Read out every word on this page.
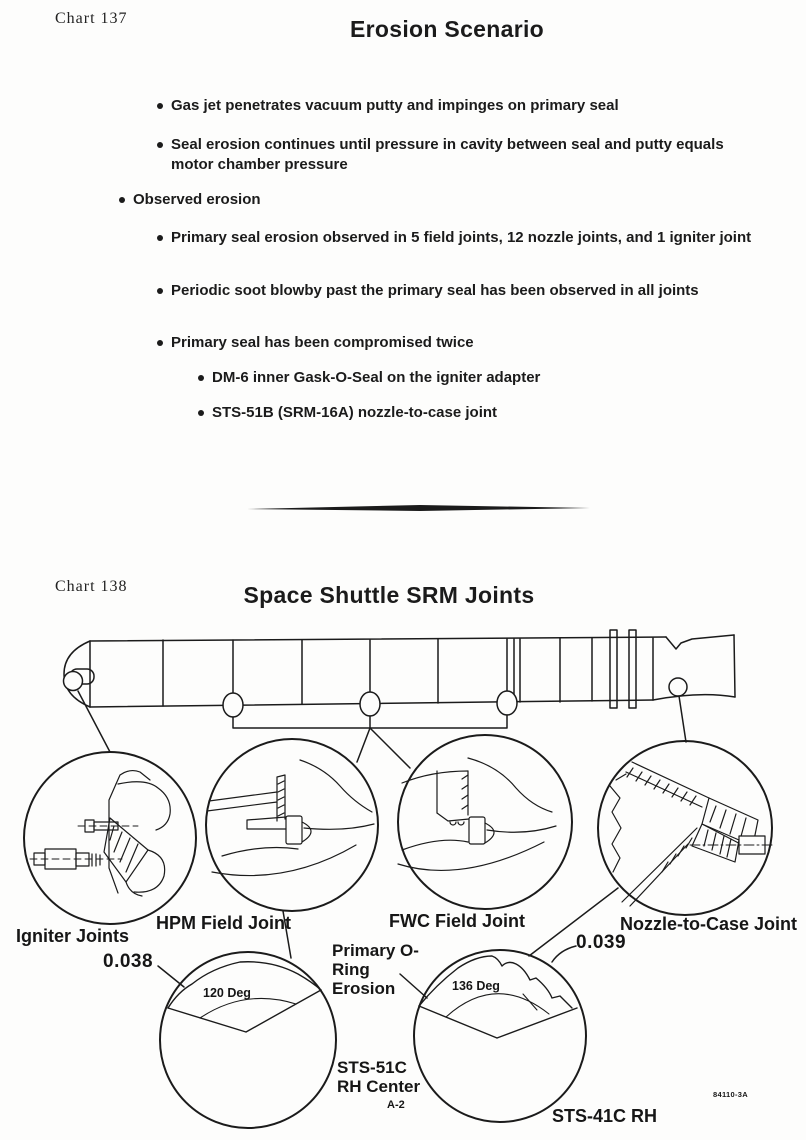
Chart 137	Erosion Scenario
Gas jet penetrates vacuum putty and impinges on primary seal
Seal erosion continues until pressure in cavity between seal and putty equals motor chamber pressure
Observed erosion
Primary seal erosion observed in 5 field joints, 12 nozzle joints, and 1 igniter joint
Periodic soot blowby past the primary seal has been observed in all joints
Primary seal has been compromised twice
DM-6 inner Gask-O-Seal on the igniter adapter
STS-51B (SRM-16A) nozzle-to-case joint
Chart 138	Space Shuttle SRM Joints
Igniter Joints
HPM Field Joint	FWC Field Joint	Nozzle-to-Case Joint
0.038
0.039
120 Deg	136 Deg
Primary O-Ring Erosion
STS-51C RH Center
A-2
STS-41C RH
84110-3A
